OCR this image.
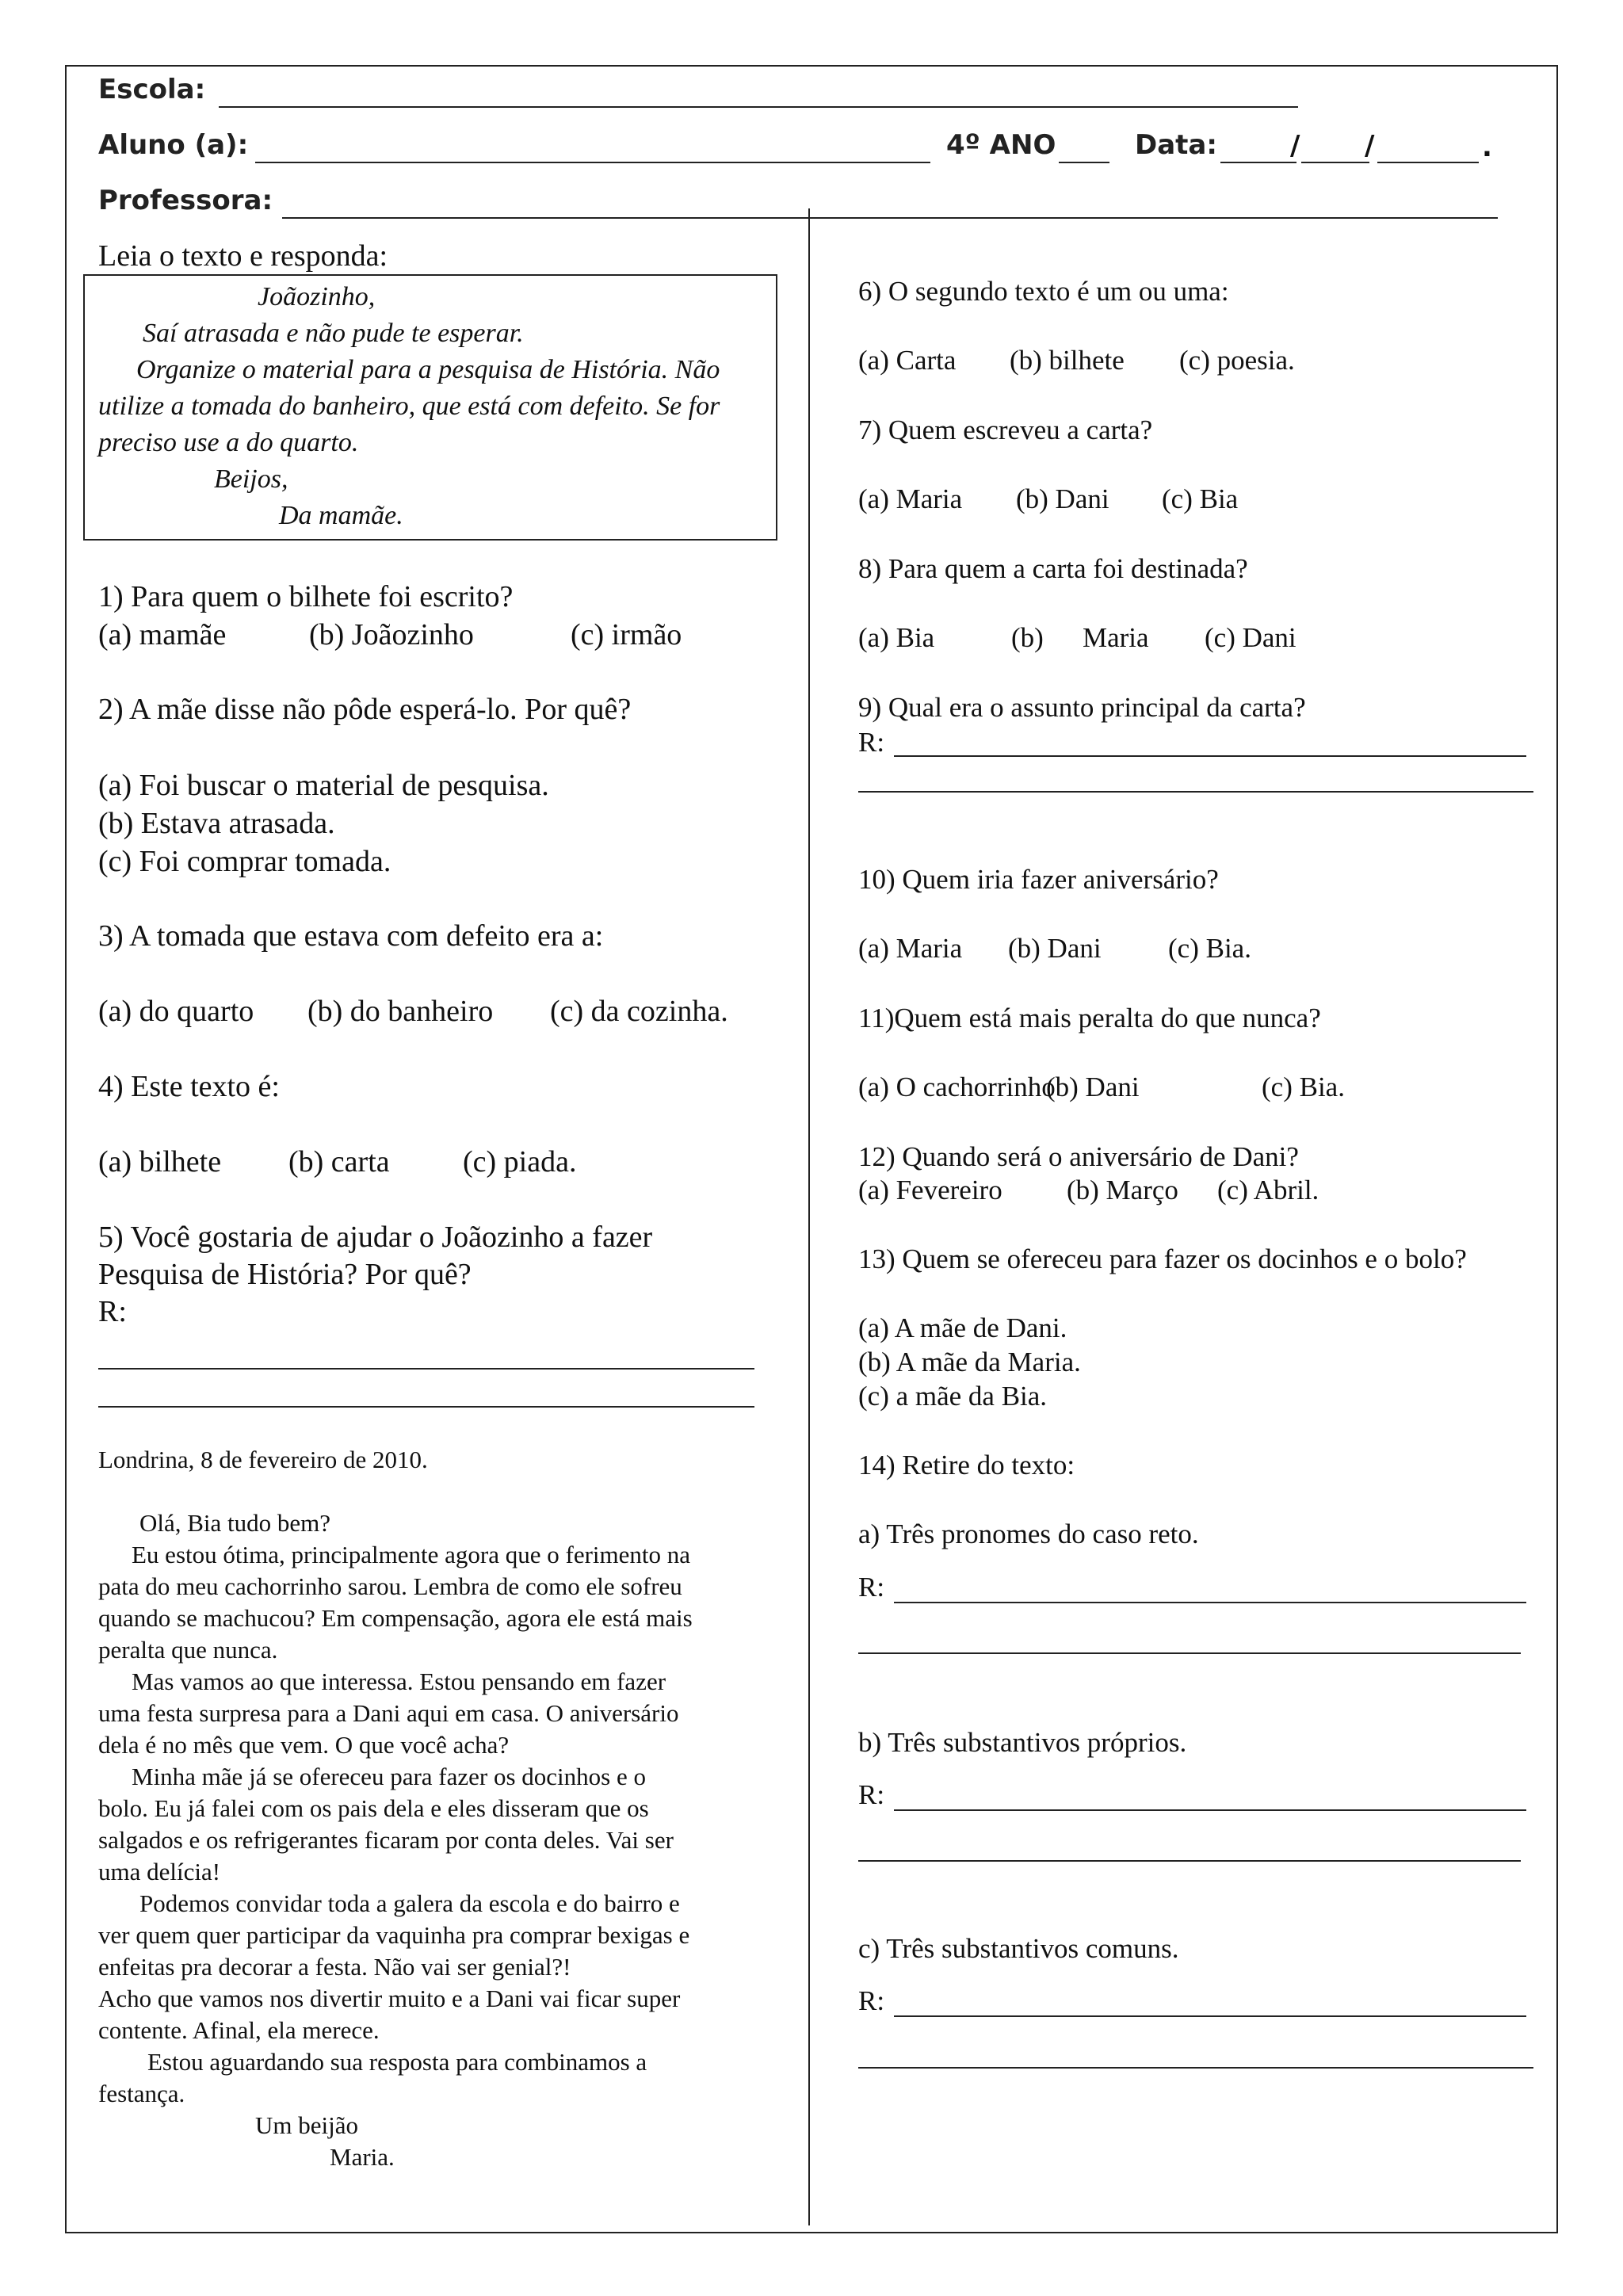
Escola:
Aluno (a):	4º ANO	Data:	/ /	.
Professora:
Leia o texto e responda:
Joãozinho,
Saí atrasada e não pude te esperar.
Organize o material para a pesquisa de História. Não
utilize a tomada do banheiro, que está com defeito. Se for
preciso use a do quarto.
Beijos,
Da mamãe.
1) Para quem o bilhete foi escrito?
(a) mamãe	(b) Joãozinho	(c) irmão
2) A mãe disse não pôde esperá-lo. Por quê?
(a) Foi buscar o material de pesquisa.
(b) Estava atrasada.
(c) Foi comprar tomada.
3) A tomada que estava com defeito era a:
(a) do quarto (b) do banheiro (c) da cozinha.
4) Este texto é:
(a) bilhete (b) carta (c) piada.
5) Você gostaria de ajudar o Joãozinho a fazer
Pesquisa de História? Por quê?
R:
Londrina, 8 de fevereiro de 2010.
6) O segundo texto é um ou uma:
(a) Carta (b) bilhete (c) poesia.
7) Quem escreveu a carta?
(a) Maria (b) Dani (c) Bia
8) Para quem a carta foi destinada?
(a) Bia	(b) Maria (c) Dani
9) Qual era o assunto principal da carta?
R:
10) Quem iria fazer aniversário?
(a) Maria (b) Dani (c) Bia.
11)Quem está mais peralta do que nunca?
(a) O cachorrinho
(b) Dani	(c) Bia.
12) Quando será o aniversário de Dani?
(a) Fevereiro (b) Março (c) Abril.
13) Quem se ofereceu para fazer os docinhos e o bolo?
(a) A mãe de Dani.
(b) A mãe da Maria.
(c) a mãe da Bia.
14) Retire do texto:
a) Três pronomes do caso reto.
R:
b) Três substantivos próprios.
R:
c) Três substantivos comuns.
R:
Olá, Bia tudo bem?
Eu estou ótima, principalmente agora que o ferimento na
pata do meu cachorrinho sarou. Lembra de como ele sofreu
quando se machucou? Em compensação, agora ele está mais
peralta que nunca.
Mas vamos ao que interessa. Estou pensando em fazer
uma festa surpresa para a Dani aqui em casa. O aniversário
dela é no mês que vem. O que você acha?
Minha mãe já se ofereceu para fazer os docinhos e o
bolo. Eu já falei com os pais dela e eles disseram que os
salgados e os refrigerantes ficaram por conta deles. Vai ser
uma delícia!
Podemos convidar toda a galera da escola e do bairro e
ver quem quer participar da vaquinha pra comprar bexigas e
enfeitas pra decorar a festa. Não vai ser genial?!
Acho que vamos nos divertir muito e a Dani vai ficar super
contente. Afinal, ela merece.
Estou aguardando sua resposta para combinamos a
festança.
Um beijão
Maria.
